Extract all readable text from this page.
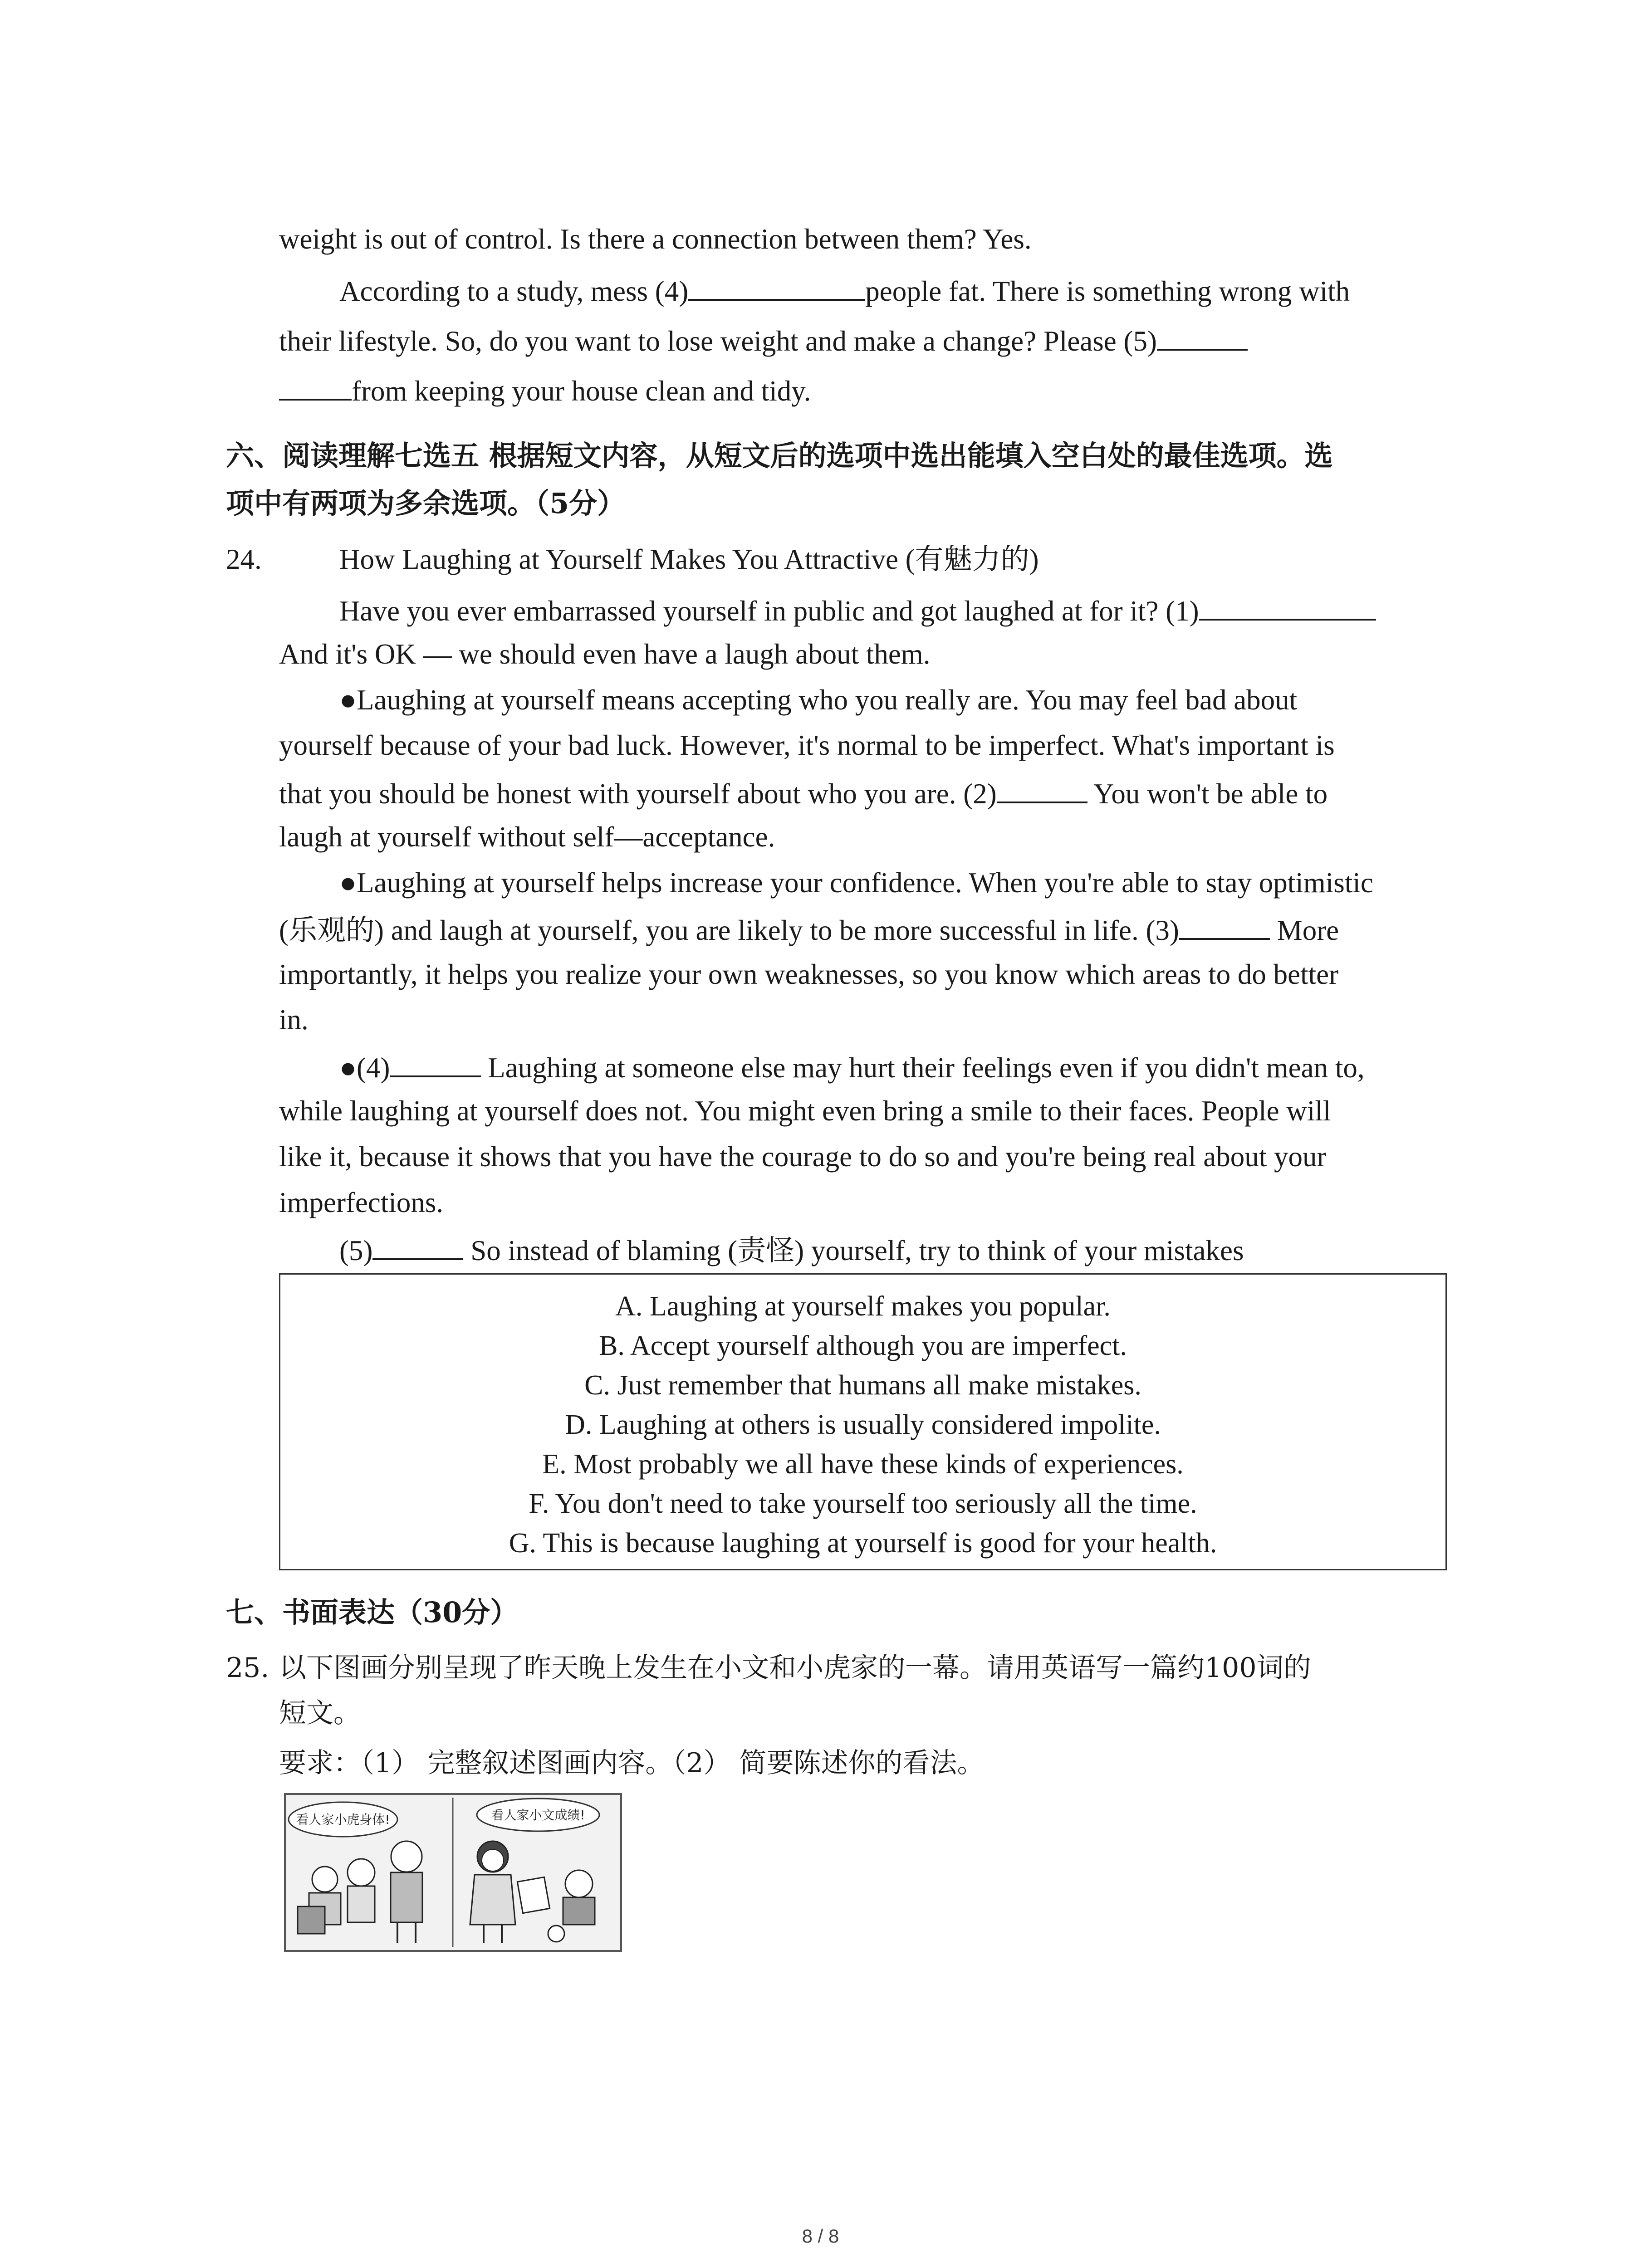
weight is out of control. Is there a connection between them? Yes.
According to a study, mess (4)	people fat. There is something wrong with
their lifestyle. So, do you want to lose weight and make a change? Please (5)
from keeping your house clean and tidy.
六、阅读理解七选五 根据短文内容，从短文后的选项中选出能填入空白处的最佳选项。选
项中有两项为多余选项。（5分）
24.	How Laughing at Yourself Makes You Attractive (有魅力的)
Have you ever embarrassed yourself in public and got laughed at for it? (1)
And it's OK — we should even have a laugh about them.
●Laughing at yourself means accepting who you really are. You may feel bad about
yourself because of your bad luck. However, it's normal to be imperfect. What's important is
that you should be honest with yourself about who you are. (2)	You won't be able to
laugh at yourself without self—acceptance.
●Laughing at yourself helps increase your confidence. When you're able to stay optimistic
(乐观的) and laugh at yourself, you are likely to be more successful in life. (3)	More
importantly, it helps you realize your own weaknesses, so you know which areas to do better
in.
●(4)	Laughing at someone else may hurt their feelings even if you didn't mean to,
while laughing at yourself does not. You might even bring a smile to their faces. People will
like it, because it shows that you have the courage to do so and you're being real about your
imperfections.
(5)	So instead of blaming (责怪) yourself, try to think of your mistakes
A. Laughing at yourself makes you popular.
B. Accept yourself although you are imperfect.
C. Just remember that humans all make mistakes.
D. Laughing at others is usually considered impolite.
E. Most probably we all have these kinds of experiences.
F. You don't need to take yourself too seriously all the time.
G. This is because laughing at yourself is good for your health.
七、书面表达（30分）
25. 以下图画分别呈现了昨天晚上发生在小文和小虎家的一幕。请用英语写一篇约100词的
短文。
要求：（1） 完整叙述图画内容。（2） 简要陈述你的看法。
看人家小虎身体!	看人家小文成绩!
8 / 8
